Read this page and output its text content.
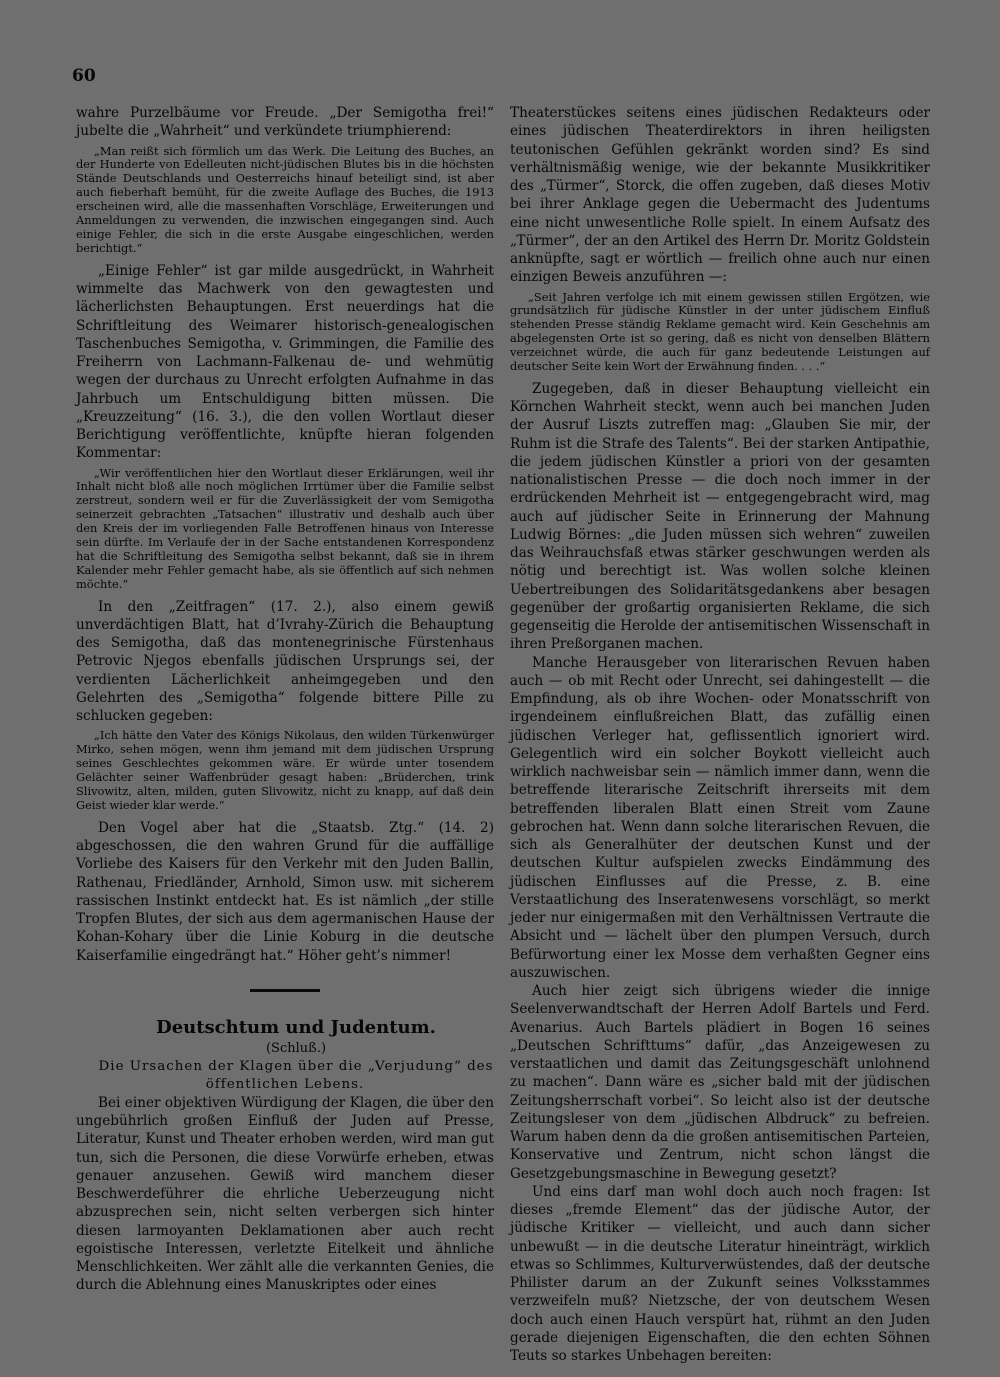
60

wahre Purzelbäume vor Freude. „Der Semigotha frei!“ jubelte die „Wahrheit“ und verkündete triumphierend:

„Man reißt sich förmlich um das Werk. Die Leitung des Buches, an der Hunderte von Edelleuten nicht-jüdischen Blutes bis in die höchsten Stände Deutschlands und Oesterreichs hinauf beteiligt sind, ist aber auch fieberhaft bemüht, für die zweite Auflage des Buches, die 1913 erscheinen wird, alle die massenhaften Vorschläge, Erweiterungen und Anmeldungen zu verwenden, die inzwischen eingegangen sind. Auch einige Fehler, die sich in die erste Ausgabe eingeschlichen, werden berichtigt.“

„Einige Fehler“ ist gar milde ausgedrückt, in Wahrheit wimmelte das Machwerk von den gewagtesten und lächerlichsten Behauptungen. Erst neuerdings hat die Schriftleitung des Weimarer historisch-genealogischen Taschenbuches Semigotha, v. Grimmingen, die Familie des Freiherrn von Lachmann-Falkenau de- und wehmütig wegen der durchaus zu Unrecht erfolgten Aufnahme in das Jahrbuch um Entschuldigung bitten müssen. Die „Kreuzzeitung“ (16. 3.), die den vollen Wortlaut dieser Berichtigung veröffentlichte, knüpfte hieran folgenden Kommentar:

„Wir veröffentlichen hier den Wortlaut dieser Erklärungen, weil ihr Inhalt nicht bloß alle noch möglichen Irrtümer über die Familie selbst zerstreut, sondern weil er für die Zuverlässigkeit der vom Semigotha seinerzeit gebrachten „Tatsachen“ illustrativ und deshalb auch über den Kreis der im vorliegenden Falle Betroffenen hinaus von Interesse sein dürfte. Im Verlaufe der in der Sache entstandenen Korrespondenz hat die Schriftleitung des Semigotha selbst bekannt, daß sie in ihrem Kalender mehr Fehler gemacht habe, als sie öffentlich auf sich nehmen möchte.“

In den „Zeitfragen“ (17. 2.), also einem gewiß unverdächtigen Blatt, hat d’Ivrahy-Zürich die Behauptung des Semigotha, daß das montenegrinische Fürstenhaus Petrovic Njegos ebenfalls jüdischen Ursprungs sei, der verdienten Lächerlichkeit anheimgegeben und den Gelehrten des „Semigotha“ folgende bittere Pille zu schlucken gegeben:

„Ich hätte den Vater des Königs Nikolaus, den wilden Türkenwürger Mirko, sehen mögen, wenn ihm jemand mit dem jüdischen Ursprung seines Geschlechtes gekommen wäre. Er würde unter tosendem Gelächter seiner Waffenbrüder gesagt haben: „Brüderchen, trink Slivowitz, alten, milden, guten Slivowitz, nicht zu knapp, auf daß dein Geist wieder klar werde.“

Den Vogel aber hat die „Staatsb. Ztg.“ (14. 2) abgeschossen, die den wahren Grund für die auffällige Vorliebe des Kaisers für den Verkehr mit den Juden Ballin, Rathenau, Friedländer, Arnhold, Simon usw. mit sicherem rassischen Instinkt entdeckt hat. Es ist nämlich „der stille Tropfen Blutes, der sich aus dem agermanischen Hause der Kohan-Kohary über die Linie Koburg in die deutsche Kaiserfamilie eingedrängt hat.“ Höher geht’s nimmer!

Deutschtum und Judentum.

(Schluß.)

Die Ursachen der Klagen über die „Verjudung“ des öffentlichen Lebens.

Bei einer objektiven Würdigung der Klagen, die über den ungebührlich großen Einfluß der Juden auf Presse, Literatur, Kunst und Theater erhoben werden, wird man gut tun, sich die Personen, die diese Vorwürfe erheben, etwas genauer anzusehen. Gewiß wird manchem dieser Beschwerdeführer die ehrliche Ueberzeugung nicht abzusprechen sein, nicht selten verbergen sich hinter diesen larmoyanten Deklamationen aber auch recht egoistische Interessen, verletzte Eitelkeit und ähnliche Menschlichkeiten. Wer zählt alle die verkannten Genies, die durch die Ablehnung eines Manuskriptes oder eines

Theaterstückes seitens eines jüdischen Redakteurs oder eines jüdischen Theaterdirektors in ihren heiligsten teutonischen Gefühlen gekränkt worden sind? Es sind verhältnismäßig wenige, wie der bekannte Musikkritiker des „Türmer“, Storck, die offen zugeben, daß dieses Motiv bei ihrer Anklage gegen die Uebermacht des Judentums eine nicht unwesentliche Rolle spielt. In einem Aufsatz des „Türmer“, der an den Artikel des Herrn Dr. Moritz Goldstein anknüpfte, sagt er wörtlich — freilich ohne auch nur einen einzigen Beweis anzuführen —:

„Seit Jahren verfolge ich mit einem gewissen stillen Ergötzen, wie grundsätzlich für jüdische Künstler in der unter jüdischem Einfluß stehenden Presse ständig Reklame gemacht wird. Kein Geschehnis am abgelegensten Orte ist so gering, daß es nicht von denselben Blättern verzeichnet würde, die auch für ganz bedeutende Leistungen auf deutscher Seite kein Wort der Erwähnung finden. . . .“

Zugegeben, daß in dieser Behauptung vielleicht ein Körnchen Wahrheit steckt, wenn auch bei manchen Juden der Ausruf Liszts zutreffen mag: „Glauben Sie mir, der Ruhm ist die Strafe des Talents“. Bei der starken Antipathie, die jedem jüdischen Künstler a priori von der gesamten nationalistischen Presse — die doch noch immer in der erdrückenden Mehrheit ist — entgegengebracht wird, mag auch auf jüdischer Seite in Erinnerung der Mahnung Ludwig Börnes: „die Juden müssen sich wehren“ zuweilen das Weihrauchsfaß etwas stärker geschwungen werden als nötig und berechtigt ist. Was wollen solche kleinen Uebertreibungen des Solidaritätsgedankens aber besagen gegenüber der großartig organisierten Reklame, die sich gegenseitig die Herolde der antisemitischen Wissenschaft in ihren Preßorganen machen.

Manche Herausgeber von literarischen Revuen haben auch — ob mit Recht oder Unrecht, sei dahingestellt — die Empfindung, als ob ihre Wochen- oder Monatsschrift von irgendeinem einflußreichen Blatt, das zufällig einen jüdischen Verleger hat, geflissentlich ignoriert wird. Gelegentlich wird ein solcher Boykott vielleicht auch wirklich nachweisbar sein — nämlich immer dann, wenn die betreffende literarische Zeitschrift ihrerseits mit dem betreffenden liberalen Blatt einen Streit vom Zaune gebrochen hat. Wenn dann solche literarischen Revuen, die sich als Generalhüter der deutschen Kunst und der deutschen Kultur aufspielen zwecks Eindämmung des jüdischen Einflusses auf die Presse, z. B. eine Verstaatlichung des Inseratenwesens vorschlägt, so merkt jeder nur einigermaßen mit den Verhältnissen Vertraute die Absicht und — lächelt über den plumpen Versuch, durch Befürwortung einer lex Mosse dem verhaßten Gegner eins auszuwischen.

Auch hier zeigt sich übrigens wieder die innige Seelenverwandtschaft der Herren Adolf Bartels und Ferd. Avenarius. Auch Bartels plädiert in Bogen 16 seines „Deutschen Schrifttums“ dafür, „das Anzeigewesen zu verstaatlichen und damit das Zeitungsgeschäft unlohnend zu machen“. Dann wäre es „sicher bald mit der jüdischen Zeitungsherrschaft vorbei“. So leicht also ist der deutsche Zeitungsleser von dem „jüdischen Albdruck“ zu befreien. Warum haben denn da die großen antisemitischen Parteien, Konservative und Zentrum, nicht schon längst die Gesetzgebungsmaschine in Bewegung gesetzt?

Und eins darf man wohl doch auch noch fragen: Ist dieses „fremde Element“ das der jüdische Autor, der jüdische Kritiker — vielleicht, und auch dann sicher unbewußt — in die deutsche Literatur hineinträgt, wirklich etwas so Schlimmes, Kulturverwüstendes, daß der deutsche Philister darum an der Zukunft seines Volksstammes verzweifeln muß? Nietzsche, der von deutschem Wesen doch auch einen Hauch verspürt hat, rühmt an den Juden gerade diejenigen Eigenschaften, die den echten Söhnen Teuts so starkes Unbehagen bereiten:
